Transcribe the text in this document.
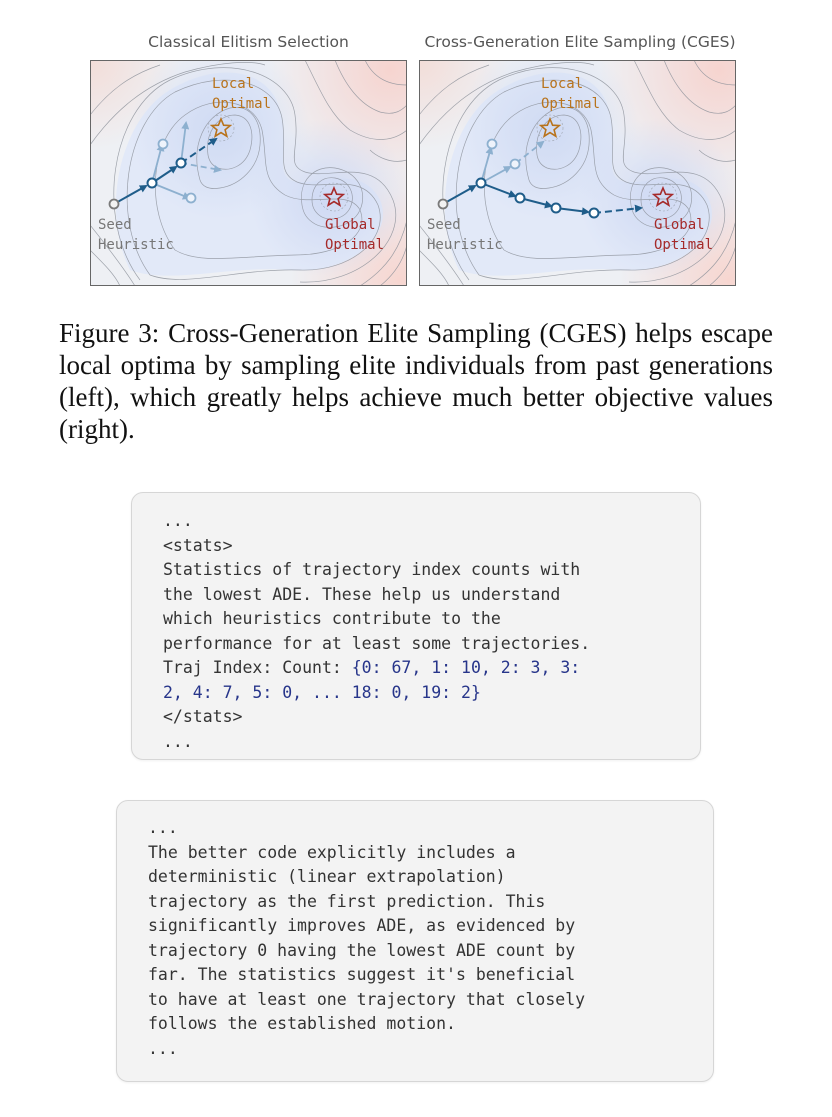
Classical Elitism Selection
Local
Optimal
Global
Optimal
Seed
Heuristic
Cross-Generation Elite Sampling (CGES)
Local
Optimal
Global
Optimal
Seed
Heuristic

Figure 3: Cross-Generation Elite Sampling (CGES) helps escape local optima by sampling elite individuals from past generations (left), which greatly helps achieve much better objective values (right).

...
<stats>
Statistics of trajectory index counts with
the lowest ADE. These help us understand
which heuristics contribute to the
performance for at least some trajectories.
Traj Index: Count: {0: 67, 1: 10, 2: 3, 3:
2, 4: 7, 5: 0, ... 18: 0, 19: 2}
</stats>
...
...
The better code explicitly includes a
deterministic (linear extrapolation)
trajectory as the first prediction. This
significantly improves ADE, as evidenced by
trajectory 0 having the lowest ADE count by
far. The statistics suggest it's beneficial
to have at least one trajectory that closely
follows the established motion.
...
